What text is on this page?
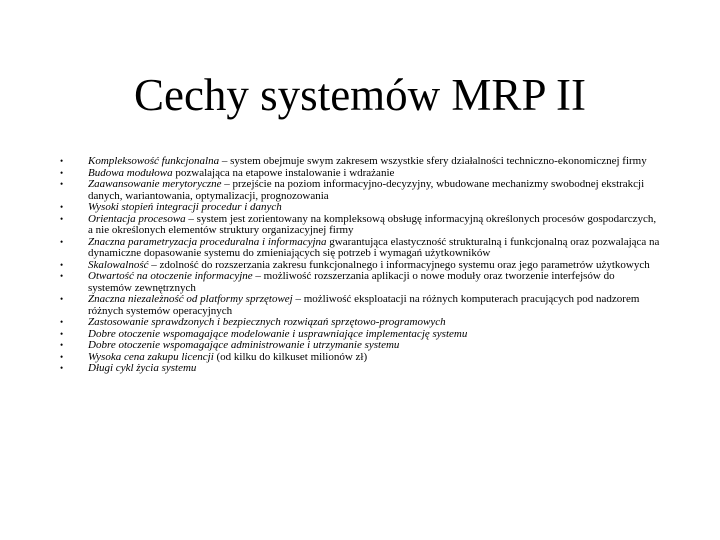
Cechy systemów MRP II
• Kompleksowość funkcjonalna – system obejmuje swym zakresem wszystkie sfery działalności techniczno-ekonomicznej firmy
• Budowa modułowa pozwalająca na etapowe instalowanie i wdrażanie
• Zaawansowanie merytoryczne – przejście na poziom informacyjno-decyzyjny, wbudowane mechanizmy swobodnej ekstrakcji danych, wariantowania, optymalizacji, prognozowania
• Wysoki stopień integracji procedur i danych
• Orientacja procesowa – system jest zorientowany na kompleksową obsługę informacyjną określonych procesów gospodarczych, a nie określonych elementów struktury organizacyjnej firmy
• Znaczna parametryzacja proceduralna i informacyjna gwarantująca elastyczność strukturalną i funkcjonalną oraz pozwalająca na dynamiczne dopasowanie systemu do zmieniających się potrzeb i wymagań użytkowników
• Skalowalność – zdolność do rozszerzania zakresu funkcjonalnego i informacyjnego systemu oraz jego parametrów użytkowych
• Otwartość na otoczenie informacyjne – możliwość rozszerzania aplikacji o nowe moduły oraz tworzenie interfejsów do systemów zewnętrznych
• Znaczna niezależność od platformy sprzętowej – możliwość eksploatacji na różnych komputerach pracujących pod nadzorem różnych systemów operacyjnych
• Zastosowanie sprawdzonych i bezpiecznych rozwiązań sprzętowo-programowych
• Dobre otoczenie wspomagające modelowanie i usprawniające implementację systemu
• Dobre otoczenie wspomagające administrowanie i utrzymanie systemu
• Wysoka cena zakupu licencji (od kilku do kilkuset milionów zł)
• Długi cykl życia systemu
